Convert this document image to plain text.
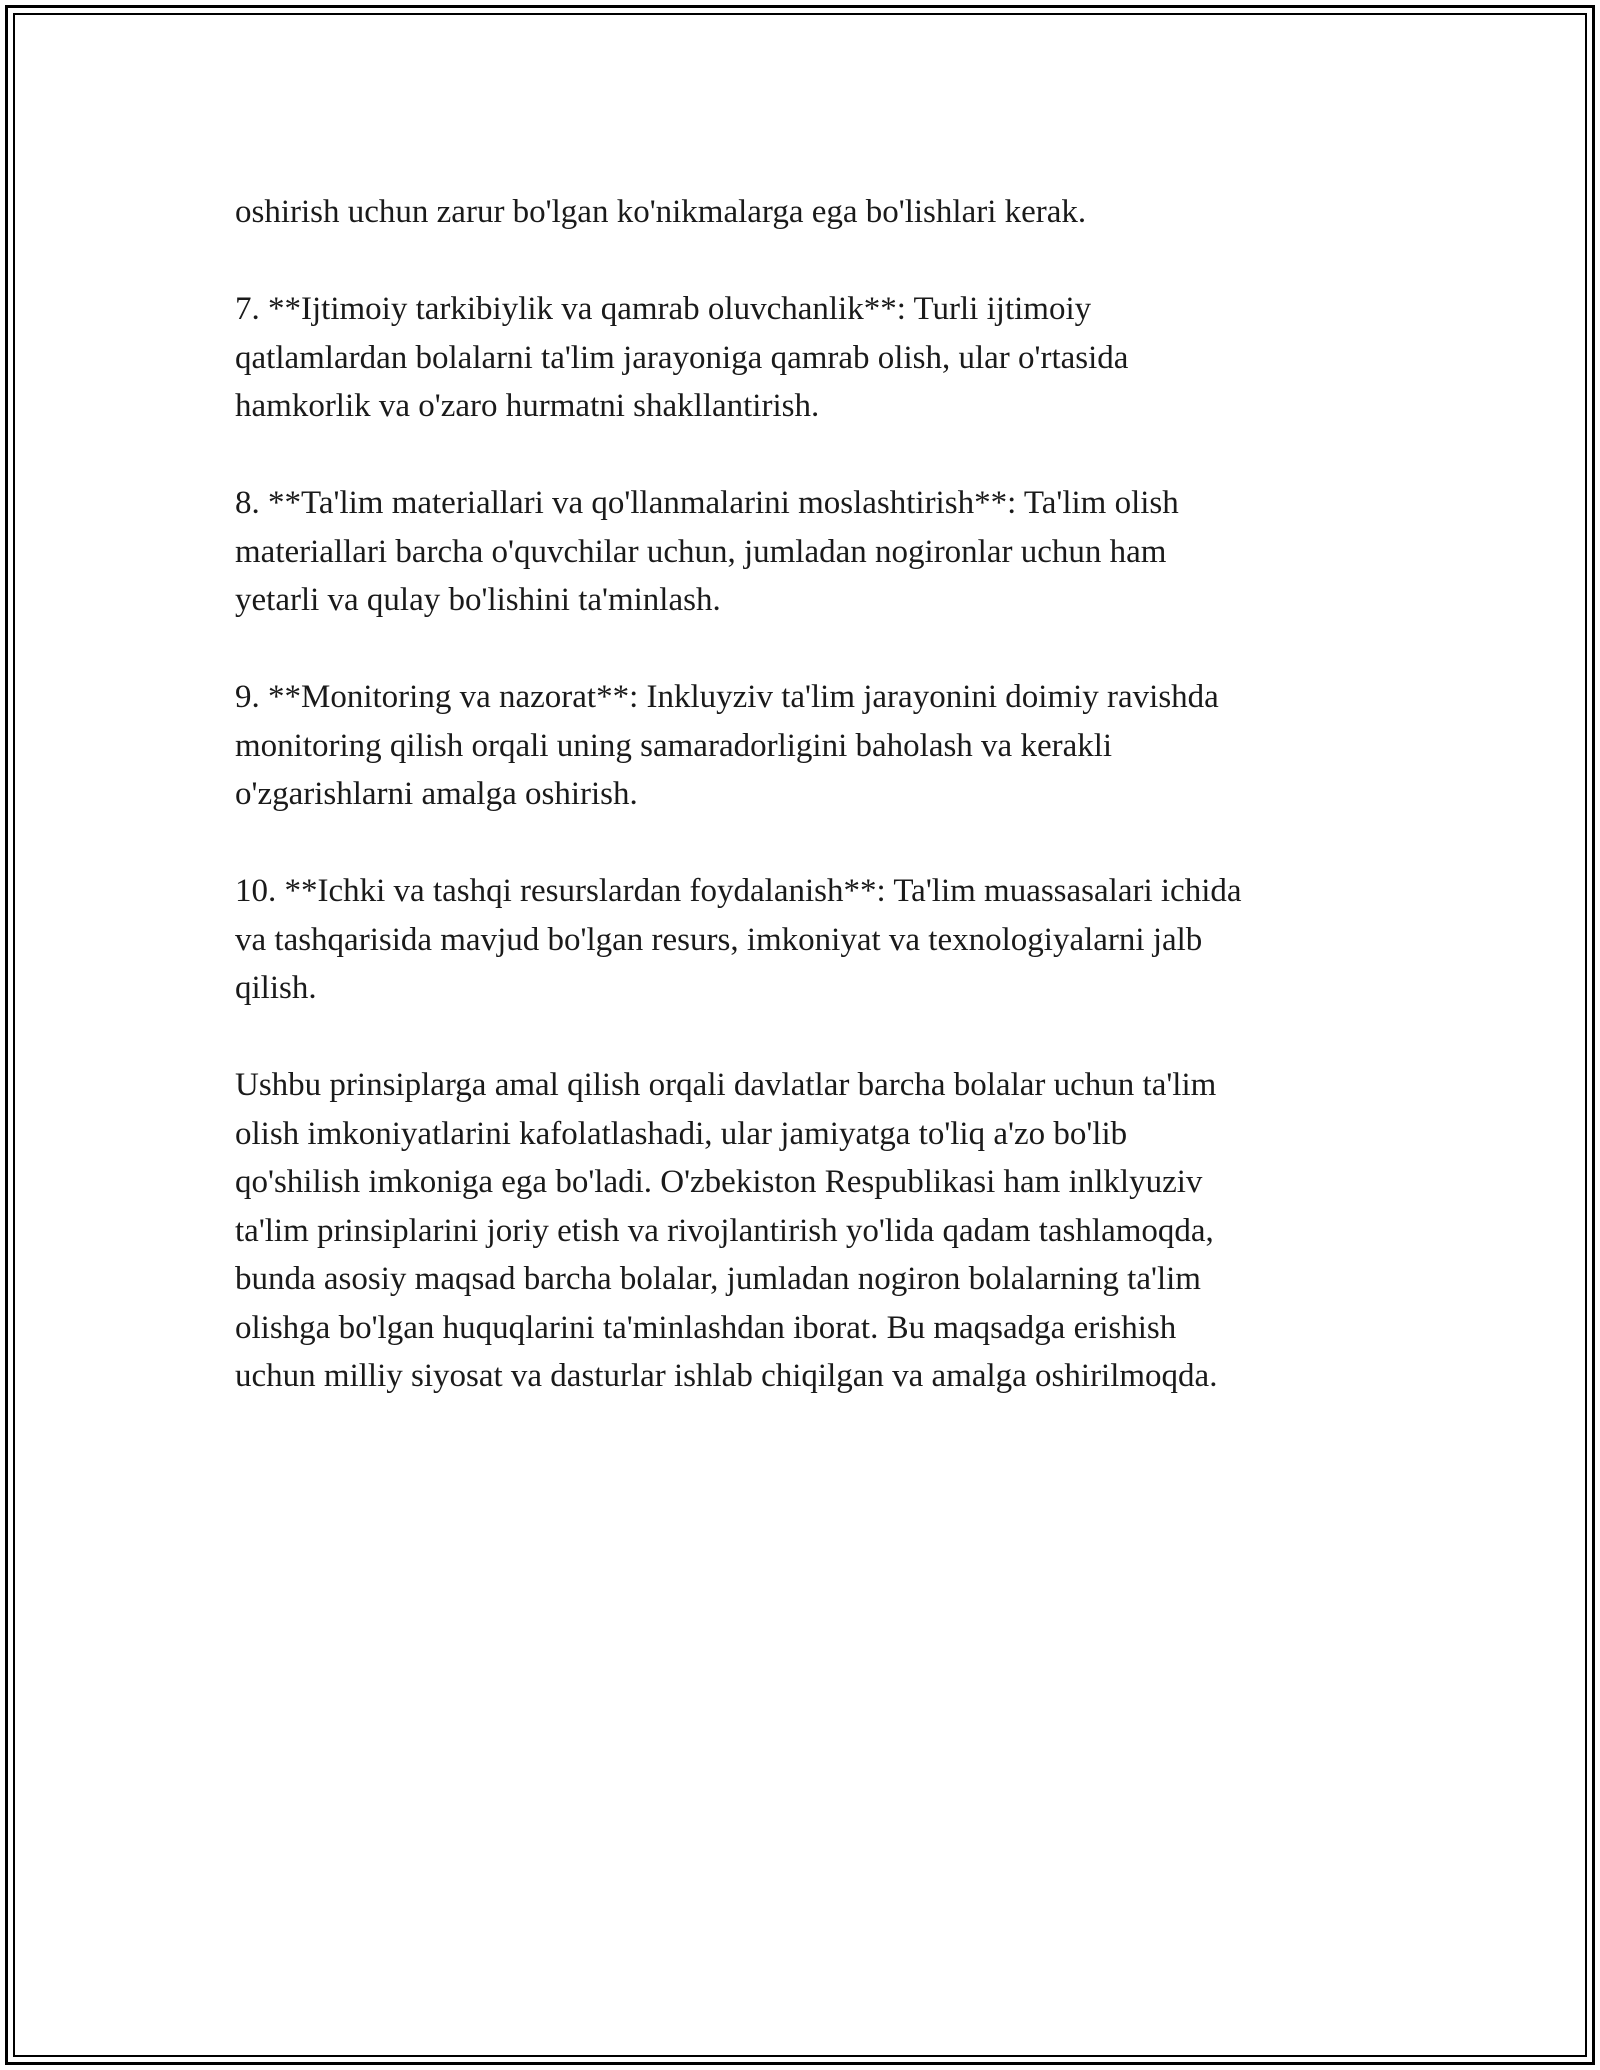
oshirish uchun zarur bo'lgan ko'nikmalarga ega bo'lishlari kerak.

7. **Ijtimoiy tarkibiylik va qamrab oluvchanlik**: Turli ijtimoiy
qatlamlardan bolalarni ta'lim jarayoniga qamrab olish, ular o'rtasida
hamkorlik va o'zaro hurmatni shakllantirish.

8. **Ta'lim materiallari va qo'llanmalarini moslashtirish**: Ta'lim olish
materiallari barcha o'quvchilar uchun, jumladan nogironlar uchun ham
yetarli va qulay bo'lishini ta'minlash.

9. **Monitoring va nazorat**: Inkluyziv ta'lim jarayonini doimiy ravishda
monitoring qilish orqali uning samaradorligini baholash va kerakli
o'zgarishlarni amalga oshirish.

10. **Ichki va tashqi resurslardan foydalanish**: Ta'lim muassasalari ichida
va tashqarisida mavjud bo'lgan resurs, imkoniyat va texnologiyalarni jalb
qilish.

Ushbu prinsiplarga amal qilish orqali davlatlar barcha bolalar uchun ta'lim
olish imkoniyatlarini kafolatlashadi, ular jamiyatga to'liq a'zo bo'lib
qo'shilish imkoniga ega bo'ladi. O'zbekiston Respublikasi ham inlklyuziv
ta'lim prinsiplarini joriy etish va rivojlantirish yo'lida qadam tashlamoqda,
bunda asosiy maqsad barcha bolalar, jumladan nogiron bolalarning ta'lim
olishga bo'lgan huquqlarini ta'minlashdan iborat. Bu maqsadga erishish
uchun milliy siyosat va dasturlar ishlab chiqilgan va amalga oshirilmoqda.
